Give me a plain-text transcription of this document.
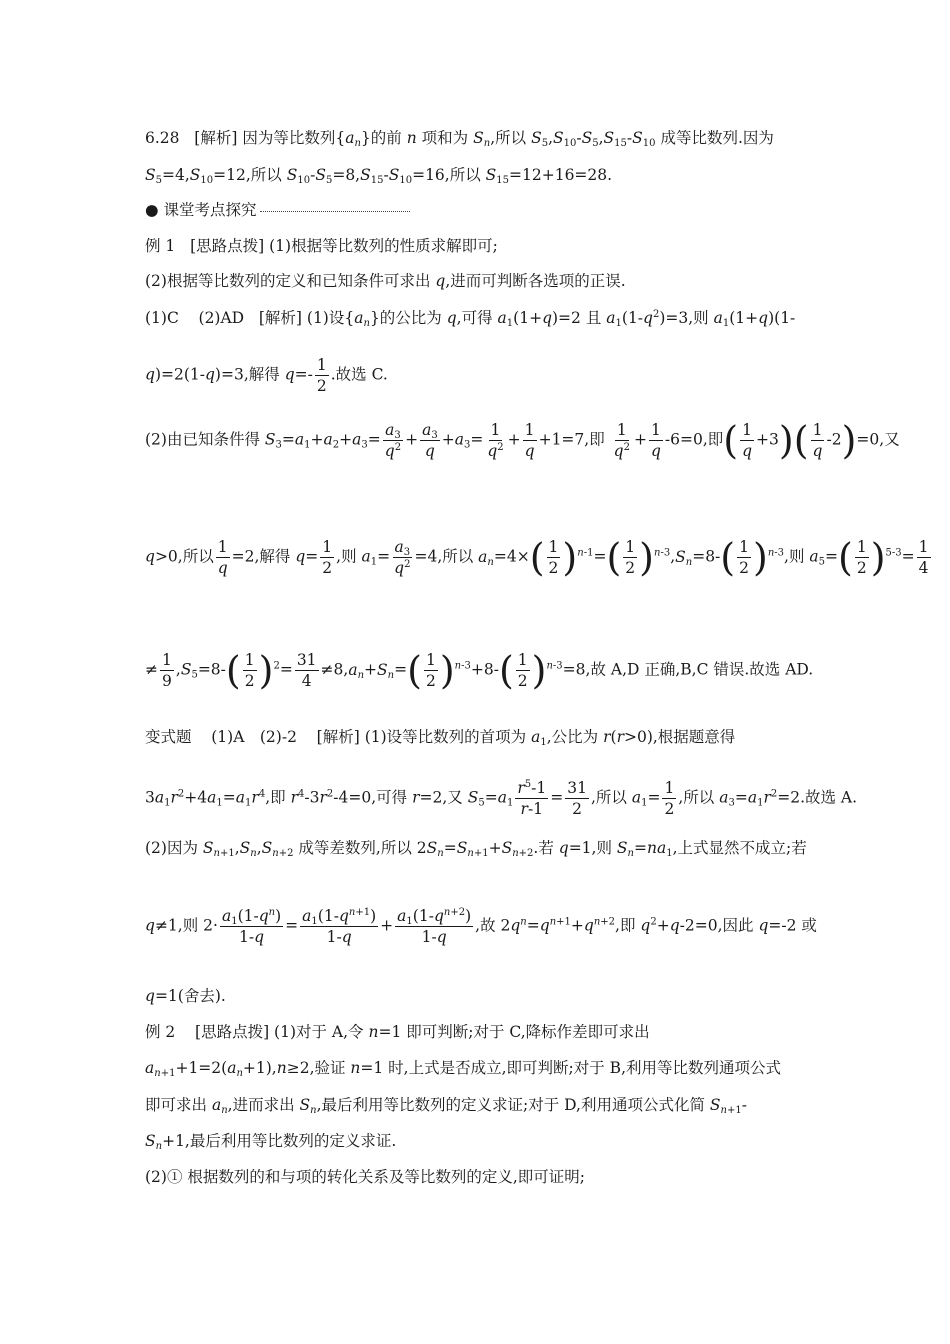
6.28 [解析] 因为等比数列$\{a_n\}$的前 n 项和为 $S_n$,所以 $S_5,S_{10}-S_5,S_{15}-S_{10}$ 成等比数列.因为
$S_5=4,S_{10}=12$,所以 $S_{10}-S_5=8,S_{15}-S_{10}=16$,所以 $S_{15}=12+16=28$.
● 课堂考点探究
例 1 [思路点拨] (1)根据等比数列的性质求解即可;
(2)根据等比数列的定义和已知条件可求出 q,进而可判断各选项的正误.
(1)C    (2)AD   [解析] (1)设$\{a_n\}$的公比为 q,可得 $a_1(1+q)=2$ 且 $a_1(1-q^2)=3$,则 $a_1(1+q)(1-$
q)=2(1-q)=3,解得 $q=- \frac{1}{2}$ .故选 C.
(2)由已知条件得 $S_3=a_1+a_2+a_3= \frac{a_3}{q^2} + \frac{a_3}{q} +a_3= \frac{1}{q^2} + \frac{1}{q} +1=7$,即 $\frac{1}{q^2} + \frac{1}{q} -6=0$,即( $\frac{1}{q} +3)( \frac{1}{q} -2)=0$,又
q>0,所以 $\frac{1}{q} =2$,解得 $q= \frac{1}{2}$ ,则 $a_1= \frac{a_3}{q^2} =4$,所以 $a_n=4\times( \frac{1}{2} )^{n-1}=( \frac{1}{2} )^{n-3},S_n=8-( \frac{1}{2} )^{n-3}$,则 $a_5=( \frac{1}{2} )^{5-3}= \frac{1}{4}$
≠ $\frac{1}{9} ,S_5=8-( \frac{1}{2} )^2= \frac{31}{4} \ne 8,a_n+S_n=( \frac{1}{2} )^{n-3}+8-( \frac{1}{2} )^{n-3}=8$,故 A,D 正确,B,C 错误.故选 AD.
变式题 (1)A　(2)-2 [解析] (1)设等比数列的首项为 $a_1$,公比为 r(r>0),根据题意得
$3a_1r^2+4a_1=a_1r^4$,即 $r^4-3r^2-4=0$,可得 r=2,又 $S_5=a_1 \frac{r^5-1}{r-1} = \frac{31}{2}$ ,所以 $a_1= \frac{1}{2}$ ,所以 $a_3=a_1r^2=2$.故选 A.
(2)因为 $S_{n+1},S_n,S_{n+2}$ 成等差数列,所以 $2S_n=S_{n+1}+S_{n+2}$.若 q=1,则 $S_n=na_1$,上式显然不成立;若
q≠1,则 $2\cdot \frac{a_1(1-q^n)}{1-q} = \frac{a_1(1-q^{n+1})}{1-q} + \frac{a_1(1-q^{n+2})}{1-q}$ ,故 $2q^n=q^{n+1}+q^{n+2}$,即 $q^2+q-2=0$,因此 q=-2 或
q=1(舍去).
例 2 [思路点拨] (1)对于 A,令 n=1 即可判断;对于 C,降标作差即可求出
$a_{n+1}+1=2(a_n+1),n\ge 2$,验证 n=1 时,上式是否成立,即可判断;对于 B,利用等比数列通项公式
即可求出 $a_n$,进而求出 $S_n$,最后利用等比数列的定义求证;对于 D,利用通项公式化简 $S_{n+1}-$
$S_n+1$,最后利用等比数列的定义求证.
(2)① 根据数列的和与项的转化关系及等比数列的定义,即可证明;
